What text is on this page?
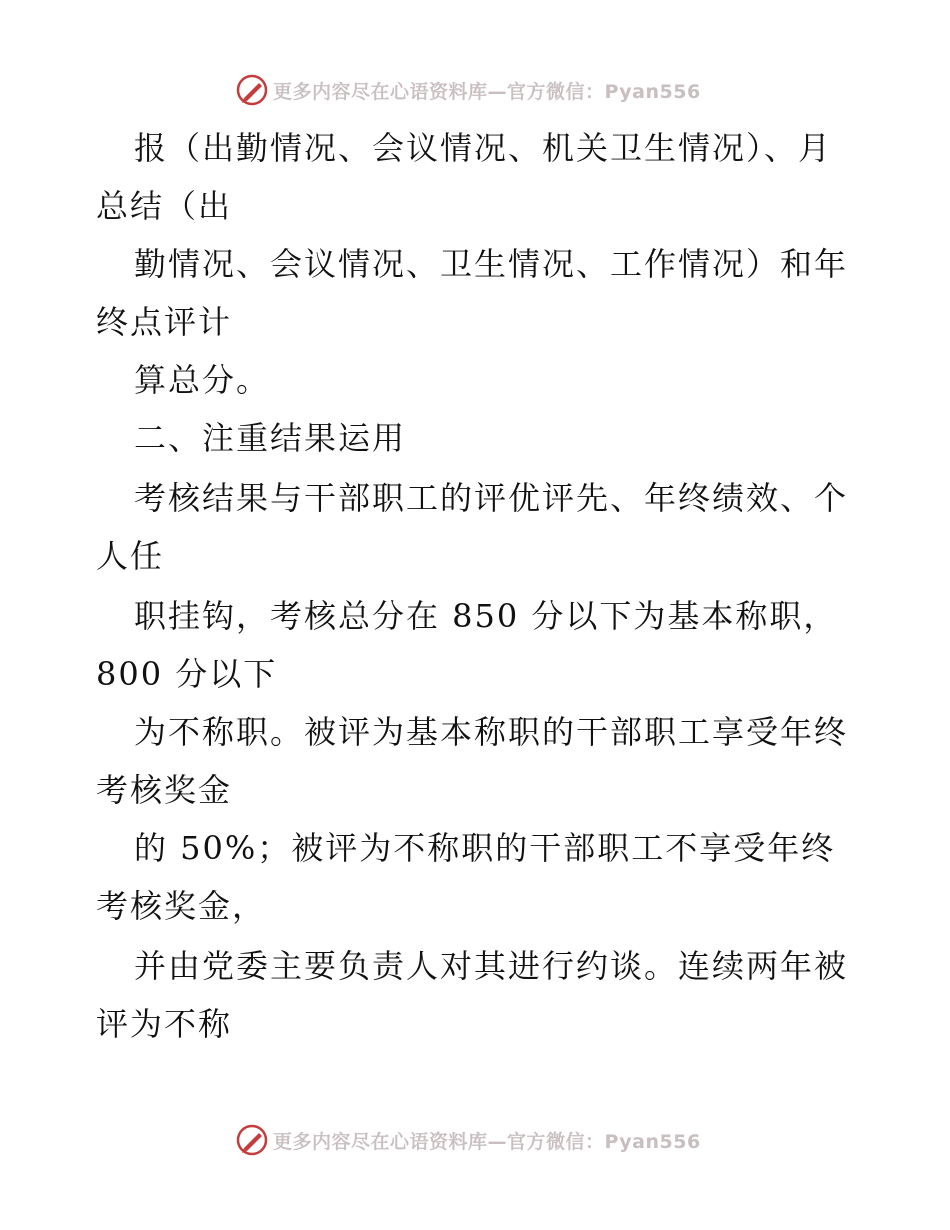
更多内容尽在心语资料库—官方微信：Pyan556
报（出勤情况、会议情况、机关卫生情况）、月
总结（出
勤情况、会议情况、卫生情况、工作情况）和年
终点评计
算总分。
二、注重结果运用
考核结果与干部职工的评优评先、年终绩效、个
人任
职挂钩，考核总分在 850 分以下为基本称职，
800 分以下
为不称职。被评为基本称职的干部职工享受年终
考核奖金
的 50%；被评为不称职的干部职工不享受年终
考核奖金，
并由党委主要负责人对其进行约谈。连续两年被
评为不称
更多内容尽在心语资料库—官方微信：Pyan556
